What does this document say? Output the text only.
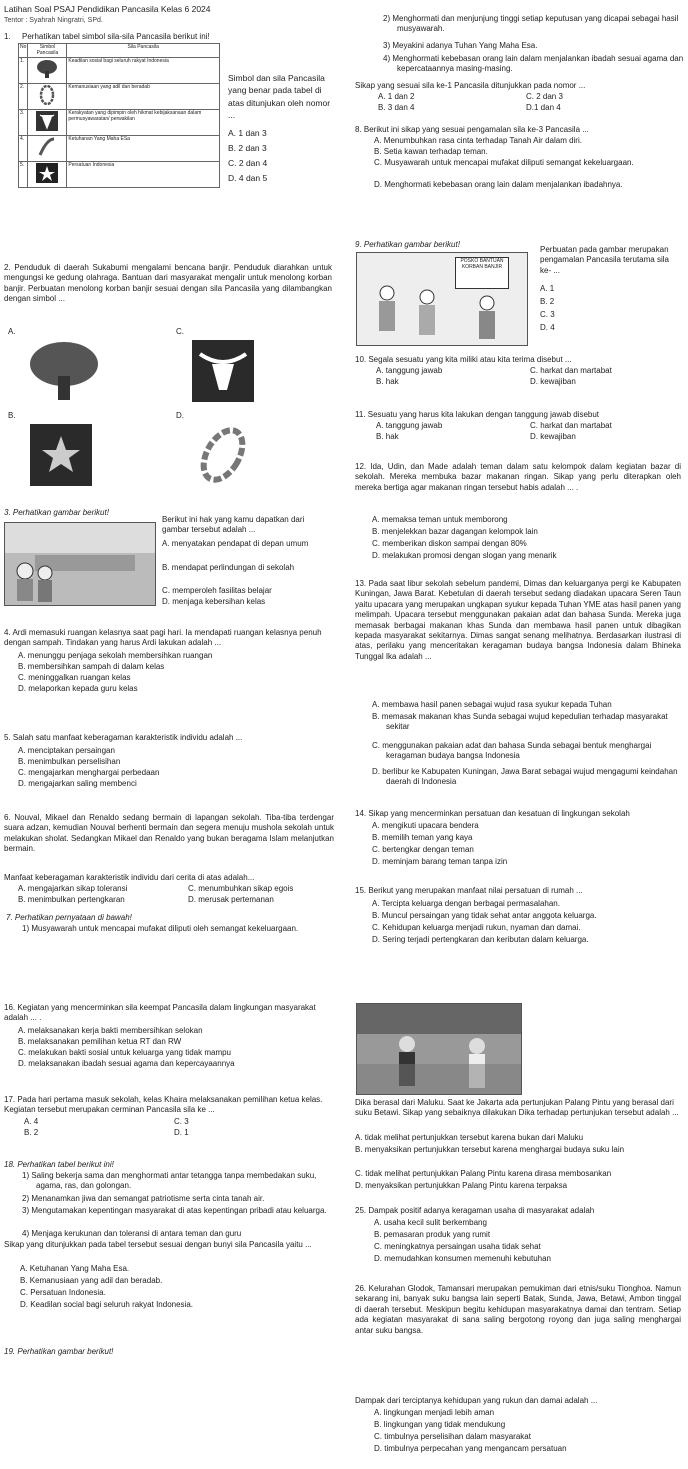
Latihan Soal PSAJ Pendidikan Pancasila Kelas 6 2024
Tentor : Syahrah Ningratri, SPd.
1. Perhatikan tabel simbol sila-sila Pancasila berikut ini!
No	Simbol Pancasila	Sila Pancasila
1.		Keadilan sosial bagi seluruh rakyat Indonesia
2.		Kemanusiaan yang adil dan beradab
3.		Kerakyatan yang dipimpin oleh hikmat kebijaksanaan dalam permusyawaratan/ perwakilan
4.		Ketuhanan Yang Maha ESa
5.		Persatuan Indonesia
Simbol dan sila Pancasila yang benar pada tabel di atas ditunjukan oleh nomor ...
A. 1 dan 3
B. 2 dan 3
C. 2 dan 4
D. 4 dan 5
2. Penduduk di daerah Sukabumi mengalami bencana banjir. Penduduk diarahkan untuk mengungsi ke gedung olahraga. Bantuan dari masyarakat mengalir untuk menolong korban banjir. Perbuatan menolong korban banjir sesuai dengan sila Pancasila yang dilambangkan dengan simbol ...
A.	C.
B.	D.
3. Perhatikan gambar berikut!
Berikut ini hak yang kamu dapatkan dari gambar tersebut adalah ...
A. menyatakan pendapat di depan umum
B. mendapat perlindungan di sekolah
C. memperoleh fasilitas belajar
D. menjaga kebersihan kelas
4. Ardi memasuki ruangan kelasnya saat pagi hari. Ia mendapati ruangan kelasnya penuh dengan sampah. Tindakan yang harus Ardi lakukan adalah ...
A. menunggu penjaga sekolah membersihkan ruangan
B. membersihkan sampah di dalam kelas
C. meninggalkan ruangan kelas
D. melaporkan kepada guru kelas
5. Salah satu manfaat keberagaman karakteristik individu adalah ...
A. menciptakan persaingan
B. menimbulkan perselisihan
C. mengajarkan menghargai perbedaan
D. mengajarkan saling membenci
6. Nouval, Mikael dan Renaldo sedang bermain di lapangan sekolah. Tiba-tiba terdengar suara adzan, kemudian Nouval berhenti bermain dan segera menuju mushola sekolah untuk melakukan sholat. Sedangkan Mikael dan Renaldo yang bukan beragama Islam melanjutkan bermain.
Manfaat keberagaman karakteristik individu dari cerita di atas adalah...
A. mengajarkan sikap toleransi	C. menumbuhkan sikap egois
B. menimbulkan pertengkaran	D. merusak pertemanan
7. Perhatikan pernyataan di bawah!
1) Musyawarah untuk mencapai mufakat diliputi oleh semangat kekeluargaan.
2) Menghormati dan menjunjung tinggi setiap keputusan yang dicapai sebagai hasil musyawarah.
3) Meyakini adanya Tuhan Yang Maha Esa.
4) Menghormati kebebasan orang lain dalam menjalankan ibadah sesuai agama dan kepercataannya masing-masing.
Sikap yang sesuai sila ke-1 Pancasila ditunjukkan pada nomor ...
A. 1 dan 2	C. 2 dan 3
B. 3 dan 4	D.1 dan 4
8. Berikut ini sikap yang sesuai pengamalan sila ke-3 Pancasila ...
A. Menumbuhkan rasa cinta terhadap Tanah Air dalam diri.
B. Setia kawan terhadap teman.
C. Musyawarah untuk mencapai mufakat diliputi semangat kekeluargaan.
D. Menghormati kebebasan orang lain dalam menjalankan ibadahnya.
9. Perhatikan gambar berikut!
POSKO BANTUAN KORBAN BANJIR
Perbuatan pada gambar merupakan pengamalan Pancasila terutama sila ke- ...
A. 1
B. 2
C. 3
D. 4
10. Segala sesuatu yang kita miliki atau kita terima disebut ...
A. tanggung jawab	C. harkat dan martabat
B. hak	D. kewajiban
11. Sesuatu yang harus kita lakukan dengan tanggung jawab disebut
A. tanggung jawab	C. harkat dan martabat
B. hak	D. kewajiban
12. Ida, Udin, dan Made adalah teman dalam satu kelompok dalam kegiatan bazar di sekolah. Mereka membuka bazar makanan ringan. Sikap yang perlu diterapkan oleh mereka bertiga agar makanan ringan tersebut habis adalah ... .
A. memaksa teman untuk memborong
B. menjelekkan bazar dagangan kelompok lain
C. memberikan diskon sampai dengan 80%
D. melakukan promosi dengan slogan yang menarik
13. Pada saat libur sekolah sebelum pandemi, Dimas dan keluarganya pergi ke Kabupaten Kuningan, Jawa Barat. Kebetulan di daerah tersebut sedang diadakan upacara Seren Taun yaitu upacara yang merupakan ungkapan syukur kepada Tuhan YME atas hasil panen yang melimpah. Upacara tersebut menggunakan pakaian adat dan bahasa Sunda. Mereka juga memasak berbagai makanan khas Sunda dan membawa hasil panen untuk dibagikan kepada masyarakat sekitarnya. Dimas sangat senang melihatnya. Berdasarkan ilustrasi di atas, perilaku yang menceritakan keragaman budaya bangsa Indonesia dalam Bhineka Tunggal Ika adalah ...
A. membawa hasil panen sebagai wujud rasa syukur kepada Tuhan
B. memasak makanan khas Sunda sebagai wujud kepedulian terhadap masyarakat sekitar
C. menggunakan pakaian adat dan bahasa Sunda sebagai bentuk menghargai keragaman budaya bangsa Indonesia
D. berlibur ke Kabupaten Kuningan, Jawa Barat sebagai wujud mengagumi keindahan daerah di Indonesia
14. Sikap yang mencerminkan persatuan dan kesatuan di lingkungan sekolah
A. mengikuti upacara bendera
B. memilih teman yang kaya
C. bertengkar dengan teman
D. meminjam barang teman tanpa izin
15. Berikut yang merupakan manfaat nilai persatuan di rumah ...
A. Tercipta keluarga dengan berbagai permasalahan.
B. Muncul persaingan yang tidak sehat antar anggota keluarga.
C. Kehidupan keluarga menjadi rukun, nyaman dan damai.
D. Sering terjadi pertengkaran dan keributan dalam keluarga.
16. Kegiatan yang mencerminkan sila keempat Pancasila dalam lingkungan masyarakat adalah ... .
A. melaksanakan kerja bakti membersihkan selokan
B. melaksanakan pemilihan ketua RT dan RW
C. melakukan bakti sosial untuk keluarga yang tidak mampu
D. melaksanakan ibadah sesuai agama dan kepercayaannya
17. Pada hari pertama masuk sekolah, kelas Khaira melaksanakan pemilihan ketua kelas. Kegiatan tersebut merupakan cerminan Pancasila sila ke ...
A. 4	C. 3
B. 2	D. 1
18. Perhatikan tabel berikut ini!
1) Saling bekerja sama dan menghormati antar tetangga tanpa membedakan suku, agama, ras, dan golongan.
2) Menanamkan jiwa dan semangat patriotisme serta cinta tanah air.
3) Mengutamakan kepentingan masyarakat di atas kepentingan pribadi atau keluarga.
4) Menjaga kerukunan dan toleransi di antara teman dan guru
Sikap yang ditunjukkan pada tabel tersebut sesuai dengan bunyi sila Pancasila yaitu ...
A. Ketuhanan Yang Maha Esa.
B. Kemanusiaan yang adil dan beradab.
C. Persatuan Indonesia.
D. Keadilan social bagi seluruh rakyat Indonesia.
19. Perhatikan gambar berikut!
Dika berasal dari Maluku. Saat ke Jakarta ada pertunjukan Palang Pintu yang berasal dari suku Betawi. Sikap yang sebaiknya dilakukan Dika terhadap pertunjukan tersebut adalah ...
A. tidak melihat pertunjukkan tersebut karena bukan dari Maluku
B. menyaksikan pertunjukkan tersebut karena menghargai budaya suku lain
C. tidak melihat pertunjukkan Palang Pintu karena dirasa membosankan
D. menyaksikan pertunjukkan Palang Pintu karena terpaksa
25. Dampak positif adanya keragaman usaha di masyarakat adalah
A. usaha kecil sulit berkembang
B. pemasaran produk yang rumit
C. meningkatnya persaingan usaha tidak sehat
D. memudahkan konsumen memenuhi kebutuhan
26. Kelurahan Glodok, Tamansari merupakan pemukiman dari etnis/suku Tionghoa. Namun sekarang ini, banyak suku bangsa lain seperti Batak, Sunda, Jawa, Betawi, Ambon tinggal di daerah tersebut. Meskipun begitu kehidupan masyarakatnya damai dan tentram. Setiap ada kegiatan masyarakat di sana saling bergotong royong dan juga saling menghargai antar suku bangsa.
Dampak dari terciptanya kehidupan yang rukun dan damai adalah ...
A. lingkungan menjadi lebih aman
B. lingkungan yang tidak mendukung
C. timbulnya perselisihan dalam masyarakat
D. timbulnya perpecahan yang mengancam persatuan
